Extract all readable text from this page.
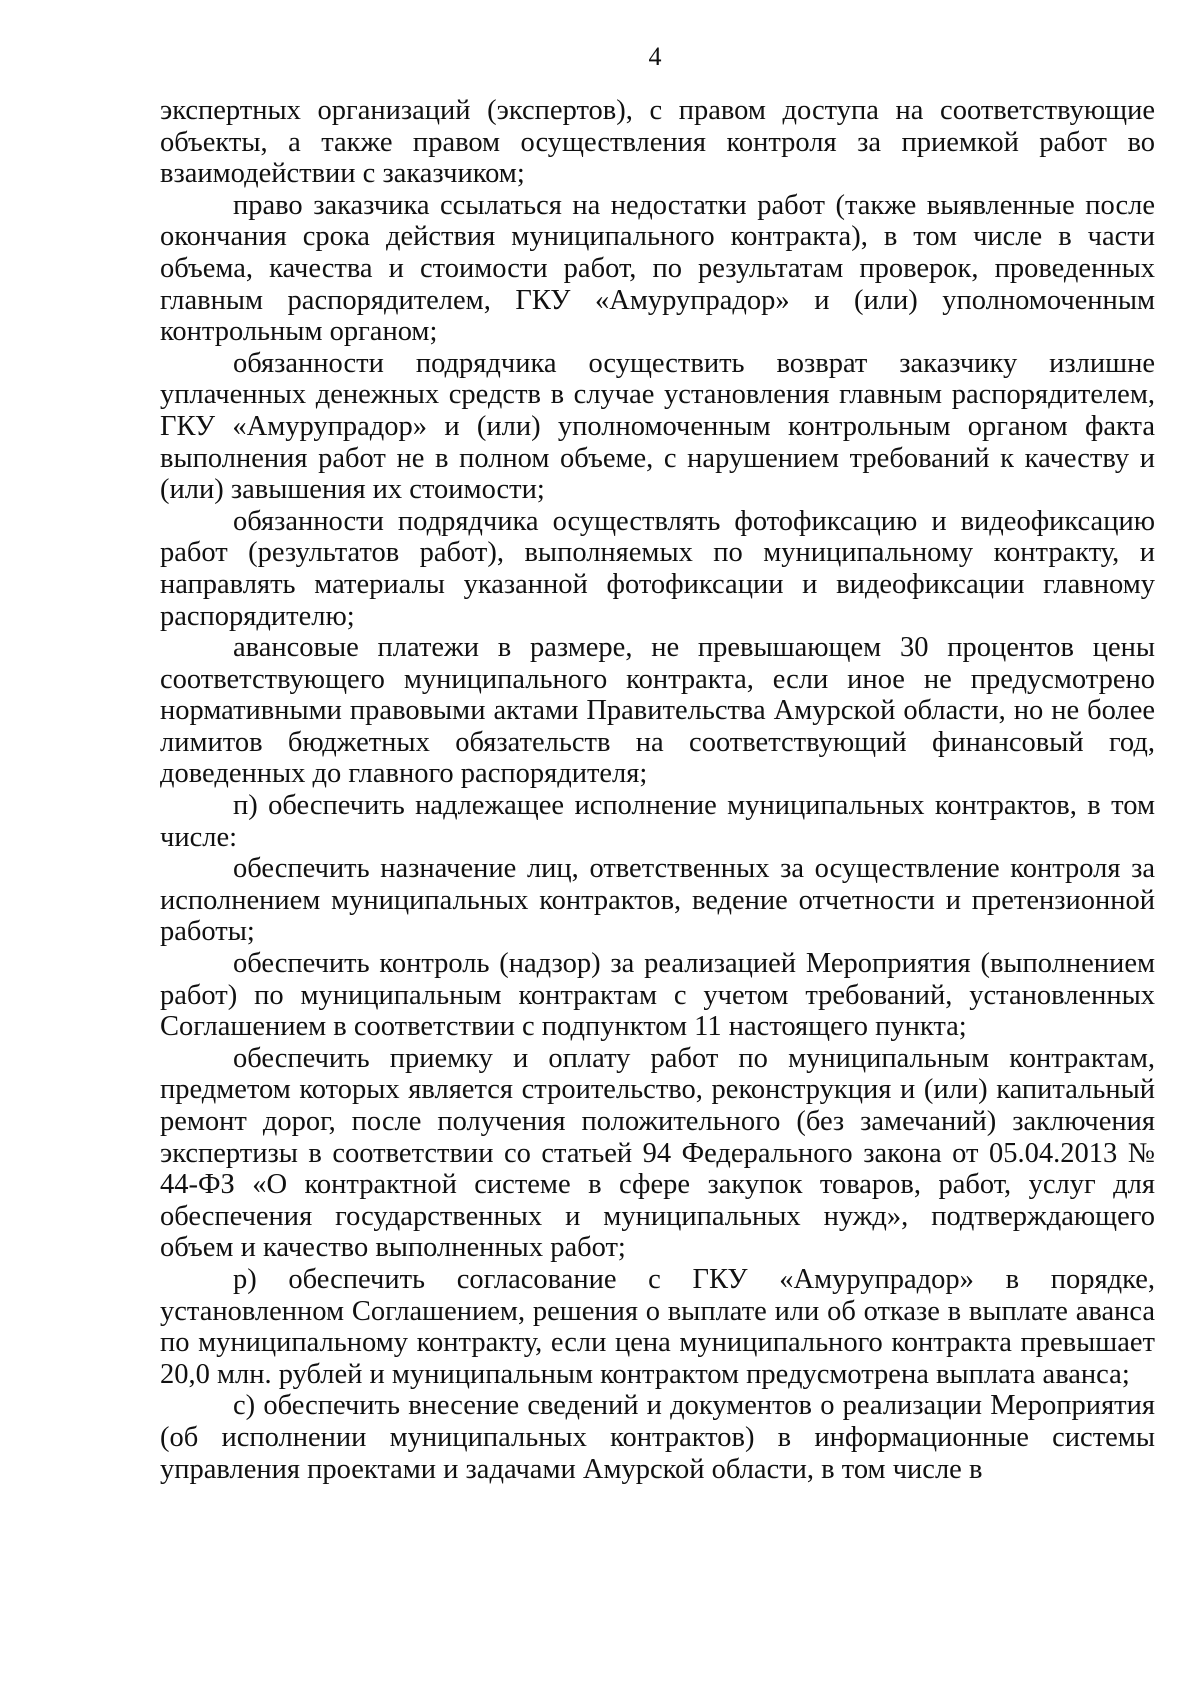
4

экспертных организаций (экспертов), с правом доступа на соответствующие объекты, а также правом осуществления контроля за приемкой работ во взаимодействии с заказчиком;

право заказчика ссылаться на недостатки работ (также выявленные после окончания срока действия муниципального контракта), в том числе в части объема, качества и стоимости работ, по результатам проверок, проведенных главным распорядителем, ГКУ «Амурупрадор» и (или) уполномоченным контрольным органом;

обязанности подрядчика осуществить возврат заказчику излишне уплаченных денежных средств в случае установления главным распорядителем, ГКУ «Амурупрадор» и (или) уполномоченным контрольным органом факта выполнения работ не в полном объеме, с нарушением требований к качеству и (или) завышения их стоимости;

обязанности подрядчика осуществлять фотофиксацию и видеофиксацию работ (результатов работ), выполняемых по муниципальному контракту, и направлять материалы указанной фотофиксации и видеофиксации главному распорядителю;

авансовые платежи в размере, не превышающем 30 процентов цены соответствующего муниципального контракта, если иное не предусмотрено нормативными правовыми актами Правительства Амурской области, но не более лимитов бюджетных обязательств на соответствующий финансовый год, доведенных до главного распорядителя;

п) обеспечить надлежащее исполнение муниципальных контрактов, в том числе:

обеспечить назначение лиц, ответственных за осуществление контроля за исполнением муниципальных контрактов, ведение отчетности и претензионной работы;

обеспечить контроль (надзор) за реализацией Мероприятия (выполнением работ) по муниципальным контрактам с учетом требований, установленных Соглашением в соответствии с подпунктом 11 настоящего пункта;

обеспечить приемку и оплату работ по муниципальным контрактам, предметом которых является строительство, реконструкция и (или) капитальный ремонт дорог, после получения положительного (без замечаний) заключения экспертизы в соответствии со статьей 94 Федерального закона от 05.04.2013 № 44-ФЗ «О контрактной системе в сфере закупок товаров, работ, услуг для обеспечения государственных и муниципальных нужд», подтверждающего объем и качество выполненных работ;

р) обеспечить согласование с ГКУ «Амурупрадор» в порядке, установленном Соглашением, решения о выплате или об отказе в выплате аванса по муниципальному контракту, если цена муниципального контракта превышает 20,0 млн. рублей и муниципальным контрактом предусмотрена выплата аванса;

с) обеспечить внесение сведений и документов о реализации Мероприятия (об исполнении муниципальных контрактов) в информационные системы управления проектами и задачами Амурской области, в том числе в
